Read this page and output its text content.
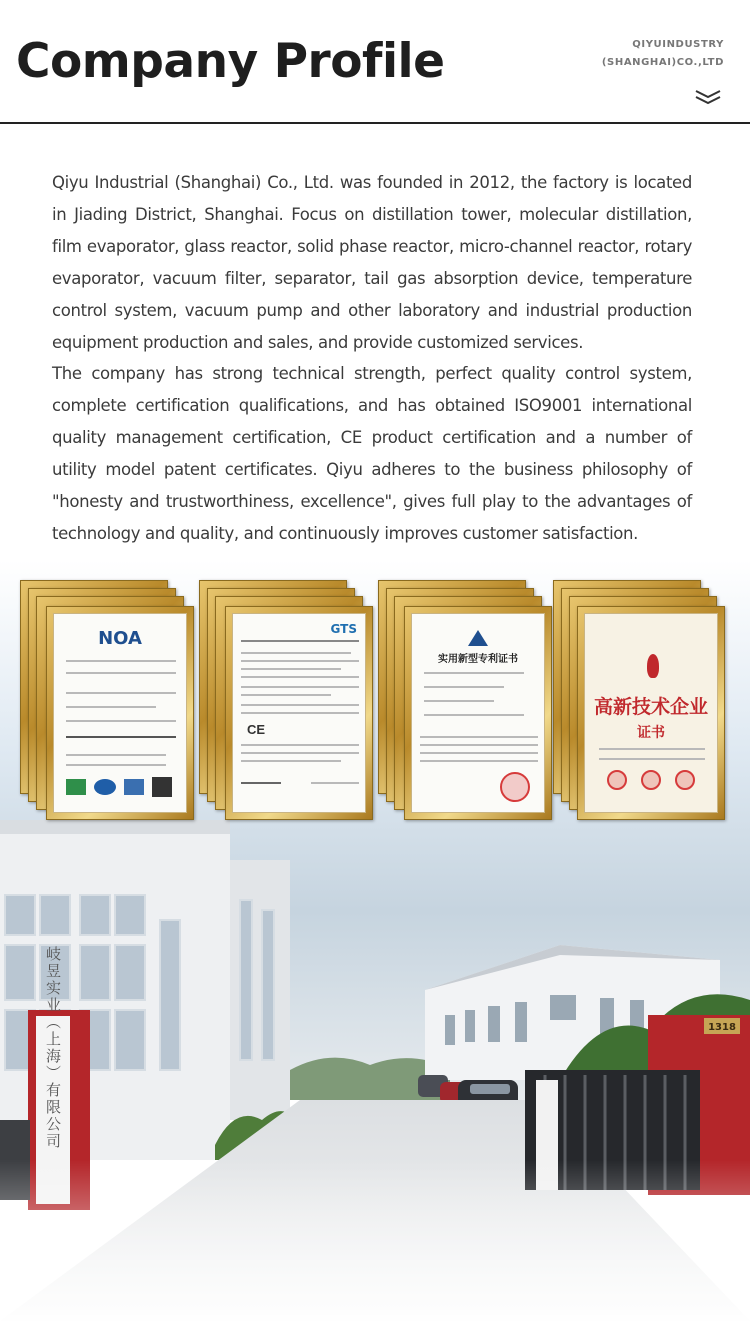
Company Profile	QIYUINDUSTRY
(SHANGHAI)CO.,LTD

Qiyu Industrial (Shanghai) Co., Ltd. was founded in 2012, the factory is located in Jiading District, Shanghai. Focus on distillation tower, molecular distillation, film evaporator, glass reactor, solid phase reactor, micro-channel reactor, rotary evaporator, vacuum filter, separator, tail gas absorption device, temperature control system, vacuum pump and other laboratory and industrial production equipment production and sales, and provide customized services.

The company has strong technical strength, perfect quality control system, complete certification qualifications, and has obtained ISO9001 international quality management certification, CE product certification and a number of utility model patent certificates. Qiyu adheres to the business philosophy of "honesty and trustworthiness, excellence", gives full play to the advantages of technology and quality, and continuously improves customer satisfaction.

岐昱实业（上海）有限公司	1318
NOA	GTS
CE
实用新型专利证书
高新技术企业
证书
